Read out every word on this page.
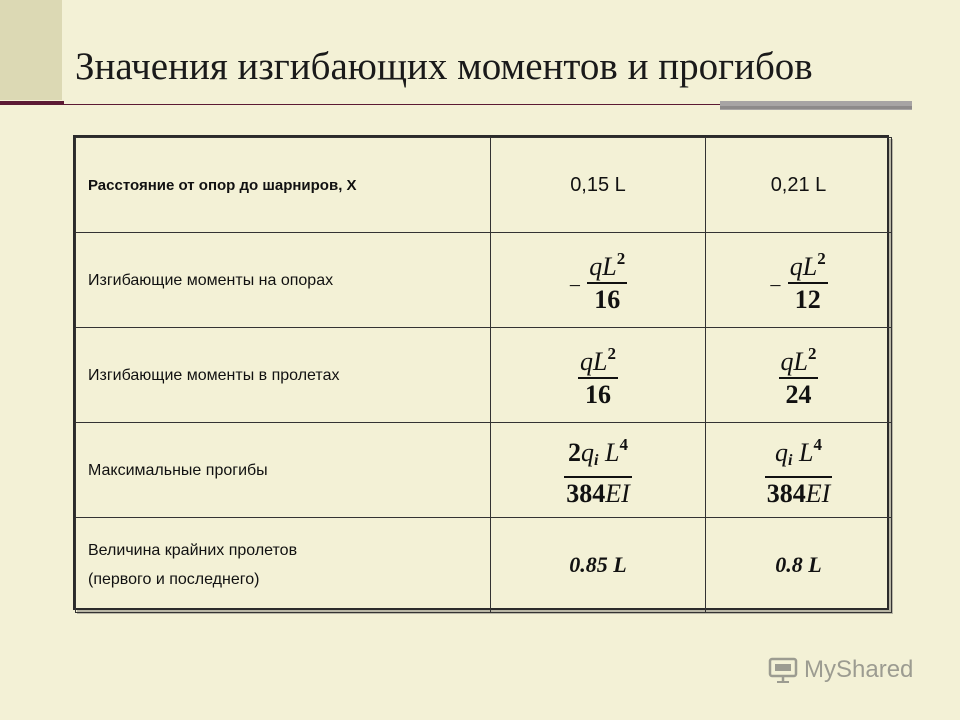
Значения изгибающих моментов и прогибов
Расстояние от опор до шарниров, Х	0,15 L	0,21 L
Изгибающие моменты на опорах	− $\frac{qL^2}{16}$	− $\frac{qL^2}{12}$

Изгибающие моменты в пролетах	$\frac{qL^2}{16}$	$\frac{qL^2}{24}$

Максимальные прогибы	$\frac{2q_i L^4}{384EI}$	$\frac{q_i L^4}{384EI}$

Величина крайних пролетов
(первого и последнего)	0.85 L	0.8 L
MyShared
